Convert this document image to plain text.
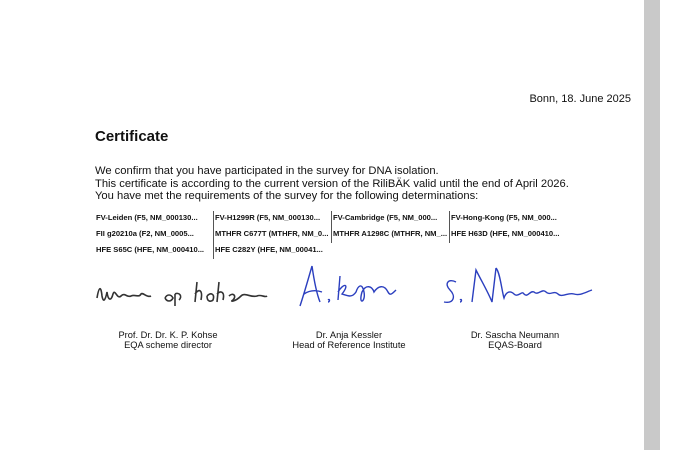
Bonn, 18. June 2025
Certificate
We confirm that you have participated in the survey for DNA isolation.
This certificate is according to the current version of the RiliBÄK valid until the end of April 2026.
You have met the requirements of the survey for the following determinations:
FV-Leiden (F5, NM_000130...	FV-H1299R (F5, NM_000130...	FV-Cambridge (F5, NM_000...	FV-Hong-Kong (F5, NM_000...
FII g20210a (F2, NM_0005...	MTHFR C677T (MTHFR, NM_0... MTHFR A1298C (MTHFR, NM_... HFE H63D (HFE, NM_000410...
HFE S65C (HFE, NM_000410...	HFE C282Y (HFE, NM_00041...
Prof. Dr. Dr. K. P. Kohse
EQA scheme director
Dr. Anja Kessler
Head of Reference Institute
Dr. Sascha Neumann
EQAS-Board
